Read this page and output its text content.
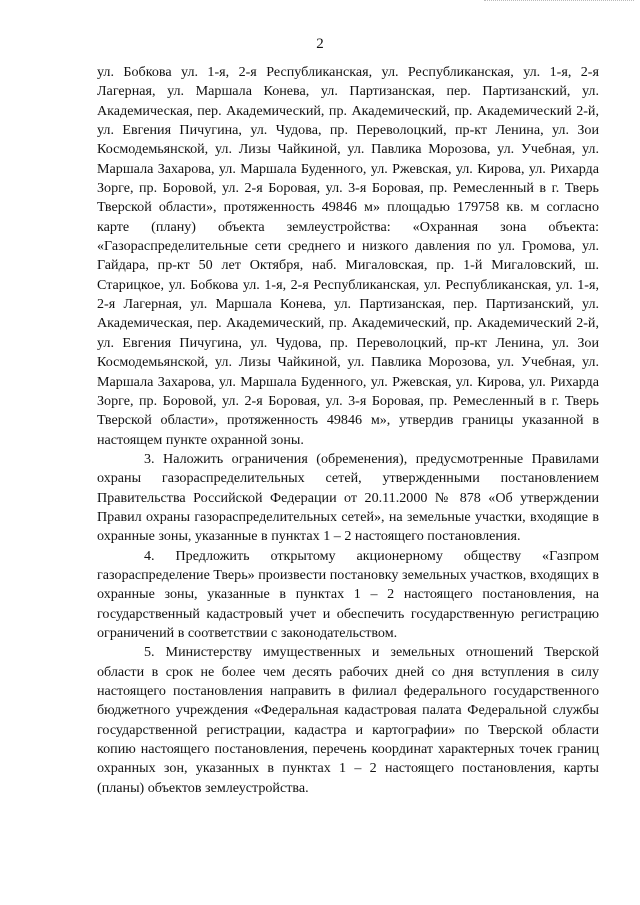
2

ул. Бобкова ул. 1-я, 2-я Республиканская, ул. Республиканская, ул. 1-я, 2-я Лагерная, ул. Маршала Конева, ул. Партизанская, пер. Партизанский, ул. Академическая, пер. Академический, пр. Академический, пр. Академический 2-й, ул. Евгения Пичугина, ул. Чудова, пр. Переволоцкий, пр-кт Ленина, ул. Зои Космодемьянской, ул. Лизы Чайкиной, ул. Павлика Морозова, ул. Учебная, ул. Маршала Захарова, ул. Маршала Буденного, ул. Ржевская, ул. Кирова, ул. Рихарда Зорге, пр. Боровой, ул. 2-я Боровая, ул. 3-я Боровая, пр. Ремесленный в г. Тверь Тверской области», протяженность 49846 м» площадью 179758 кв. м согласно карте (плану) объекта землеустройства: «Охранная зона объекта: «Газораспределительные сети среднего и низкого давления по ул. Громова, ул. Гайдара, пр-кт 50 лет Октября, наб. Мигаловская, пр. 1-й Мигаловский, ш. Старицкое, ул. Бобкова ул. 1-я, 2-я Республиканская, ул. Республиканская, ул. 1-я, 2-я Лагерная, ул. Маршала Конева, ул. Партизанская, пер. Партизанский, ул. Академическая, пер. Академический, пр. Академический, пр. Академический 2-й, ул. Евгения Пичугина, ул. Чудова, пр. Переволоцкий, пр-кт Ленина, ул. Зои Космодемьянской, ул. Лизы Чайкиной, ул. Павлика Морозова, ул. Учебная, ул. Маршала Захарова, ул. Маршала Буденного, ул. Ржевская, ул. Кирова, ул. Рихарда Зорге, пр. Боровой, ул. 2-я Боровая, ул. 3-я Боровая, пр. Ремесленный в г. Тверь Тверской области», протяженность 49846 м», утвердив границы указанной в настоящем пункте охранной зоны.

3. Наложить ограничения (обременения), предусмотренные Правилами охраны газораспределительных сетей, утвержденными постановлением Правительства Российской Федерации от 20.11.2000 № 878 «Об утверждении Правил охраны газораспределительных сетей», на земельные участки, входящие в охранные зоны, указанные в пунктах 1 – 2 настоящего постановления.

4. Предложить открытому акционерному обществу «Газпром газораспределение Тверь» произвести постановку земельных участков, входящих в охранные зоны, указанные в пунктах 1 – 2 настоящего постановления, на государственный кадастровый учет и обеспечить государственную регистрацию ограничений в соответствии с законодательством.

5. Министерству имущественных и земельных отношений Тверской области в срок не более чем десять рабочих дней со дня вступления в силу настоящего постановления направить в филиал федерального государственного бюджетного учреждения «Федеральная кадастровая палата Федеральной службы государственной регистрации, кадастра и картографии» по Тверской области копию настоящего постановления, перечень координат характерных точек границ охранных зон, указанных в пунктах 1 – 2 настоящего постановления, карты (планы) объектов землеустройства.
